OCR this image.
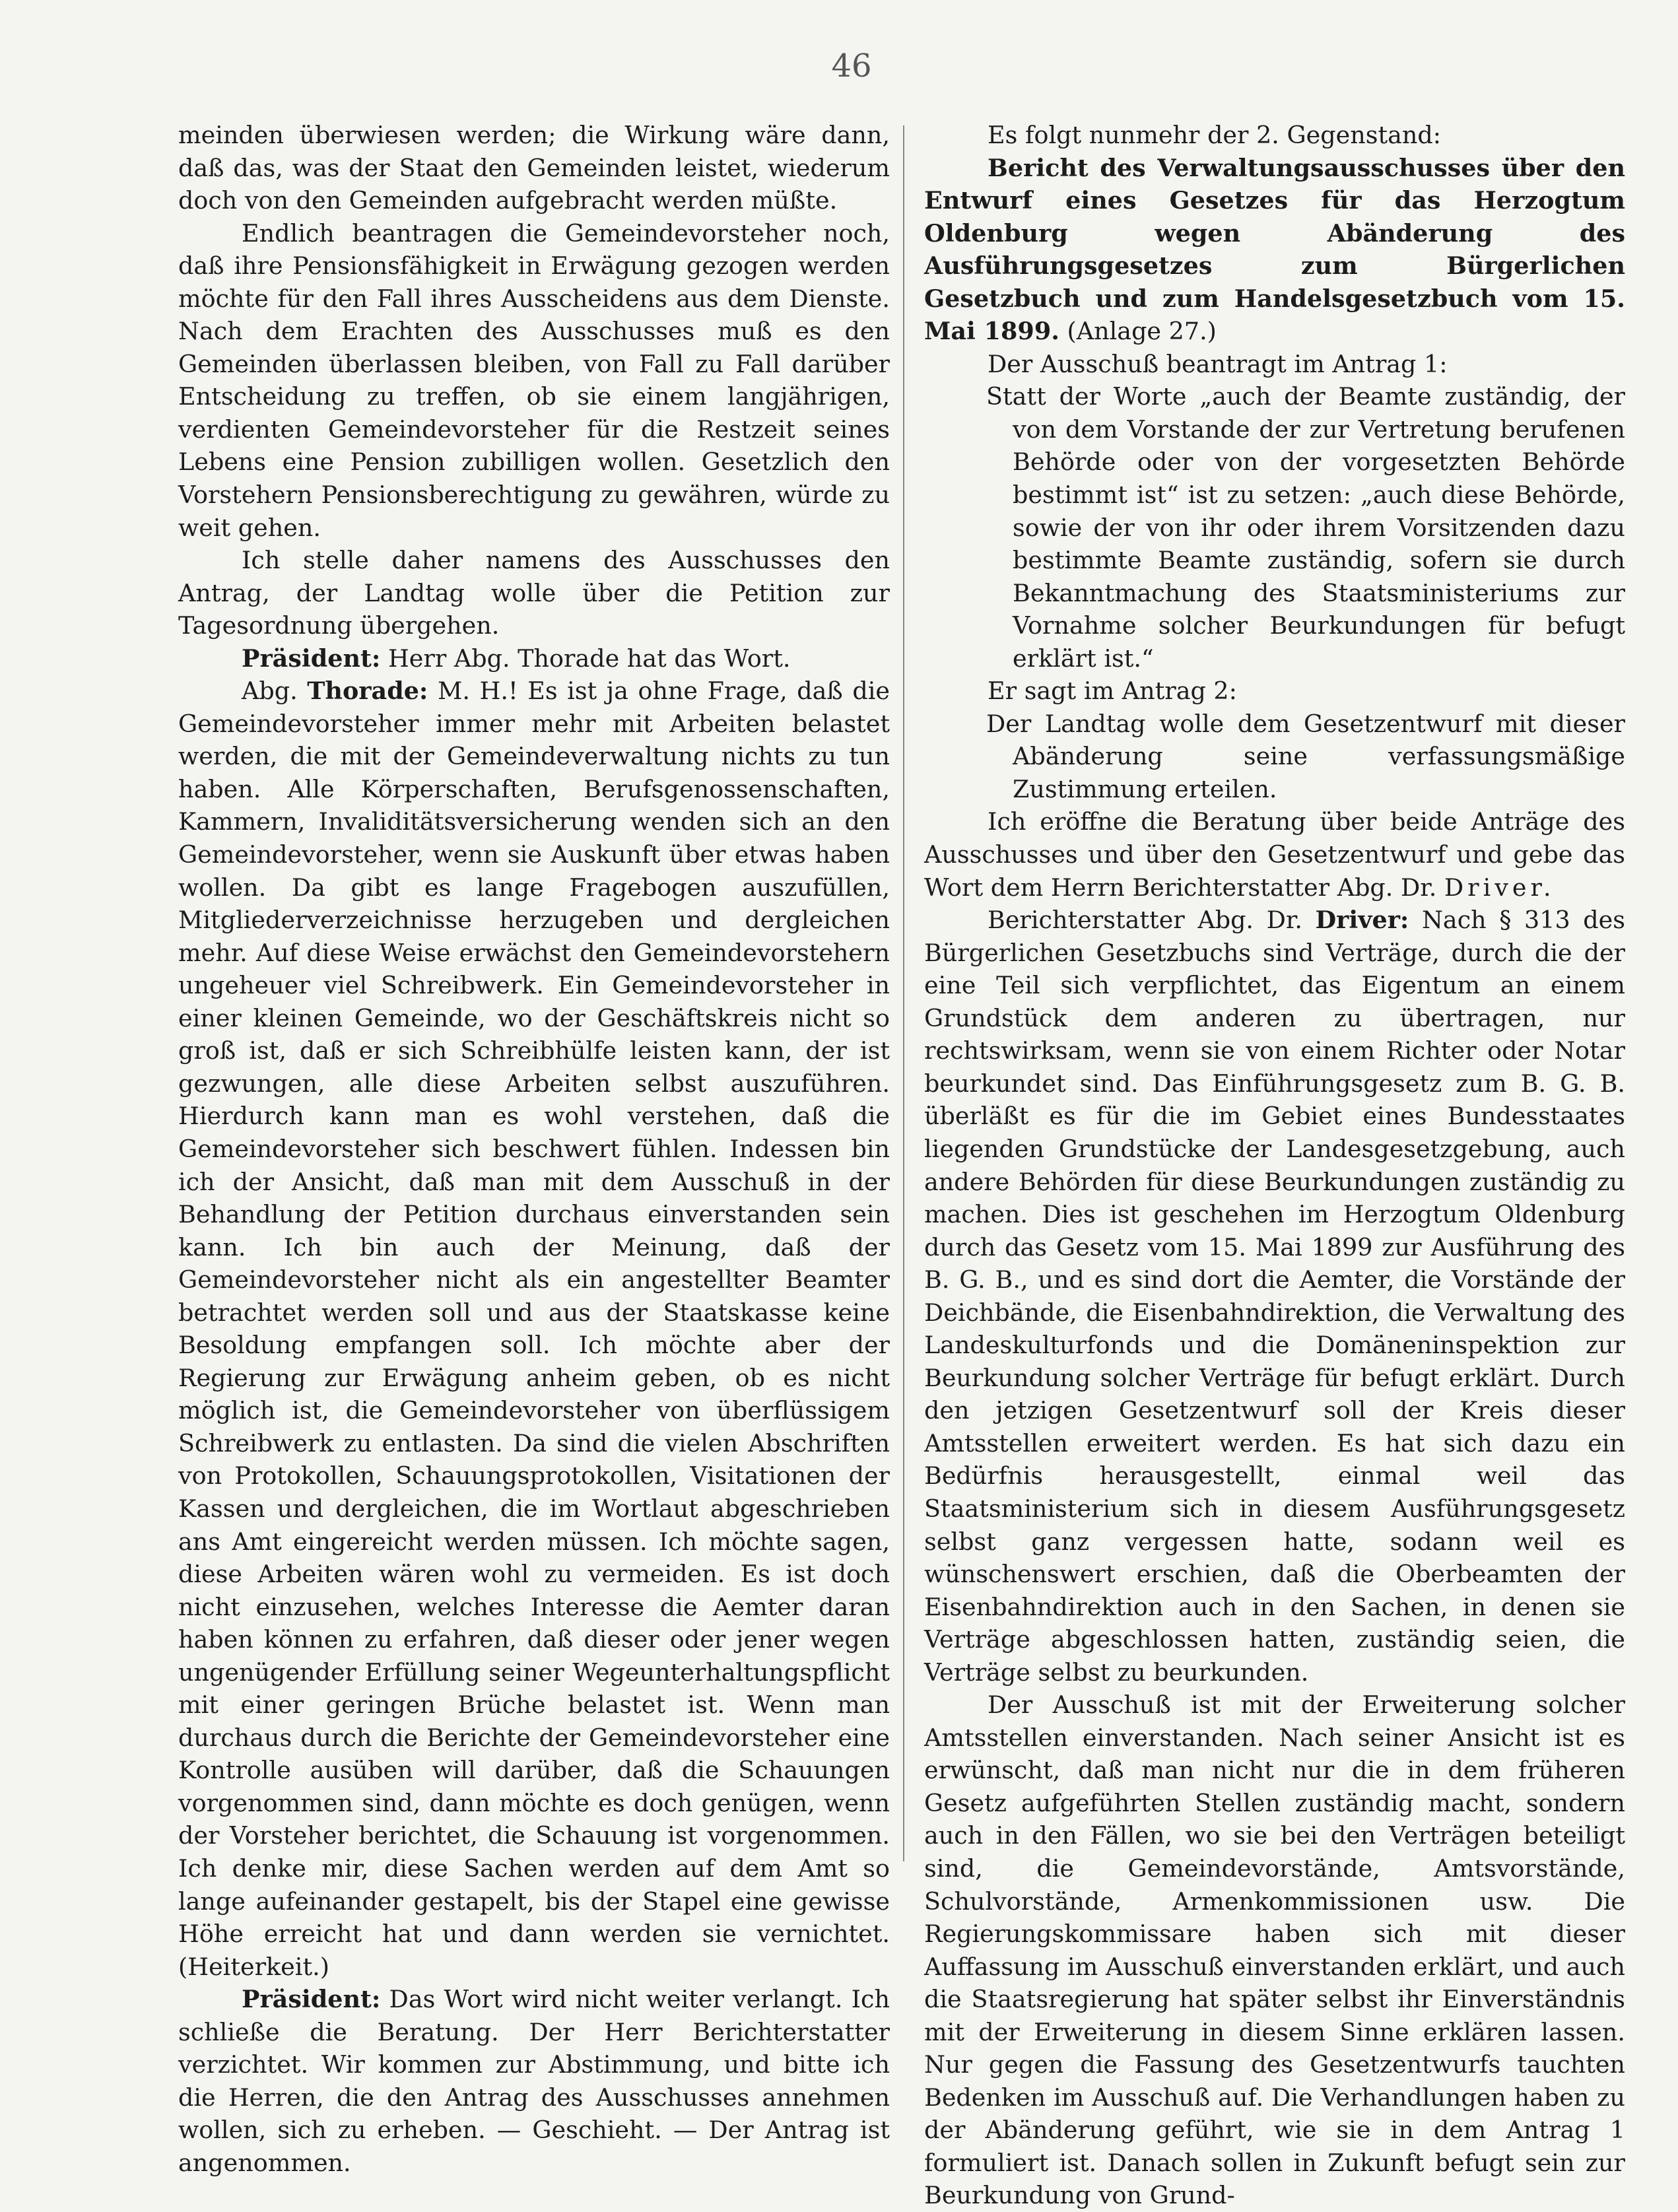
46

meinden überwiesen werden; die Wirkung wäre dann, daß das, was der Staat den Gemeinden leistet, wiederum doch von den Gemeinden aufgebracht werden müßte.

Endlich beantragen die Gemeindevorsteher noch, daß ihre Pensionsfähigkeit in Erwägung gezogen werden möchte für den Fall ihres Ausscheidens aus dem Dienste. Nach dem Erachten des Ausschusses muß es den Gemeinden überlassen bleiben, von Fall zu Fall darüber Entscheidung zu treffen, ob sie einem langjährigen, verdienten Gemeindevorsteher für die Restzeit seines Lebens eine Pension zubilligen wollen. Gesetzlich den Vorstehern Pensionsberechtigung zu gewähren, würde zu weit gehen.

Ich stelle daher namens des Ausschusses den Antrag, der Landtag wolle über die Petition zur Tagesordnung übergehen.

Präsident: Herr Abg. Thorade hat das Wort.

Abg. Thorade: M. H.! Es ist ja ohne Frage, daß die Gemeindevorsteher immer mehr mit Arbeiten belastet werden, die mit der Gemeindeverwaltung nichts zu tun haben. Alle Körperschaften, Berufsgenossenschaften, Kammern, Invaliditätsversicherung wenden sich an den Gemeindevorsteher, wenn sie Auskunft über etwas haben wollen. Da gibt es lange Fragebogen auszufüllen, Mitgliederverzeichnisse herzugeben und dergleichen mehr. Auf diese Weise erwächst den Gemeindevorstehern ungeheuer viel Schreibwerk. Ein Gemeindevorsteher in einer kleinen Gemeinde, wo der Geschäftskreis nicht so groß ist, daß er sich Schreibhülfe leisten kann, der ist gezwungen, alle diese Arbeiten selbst auszuführen. Hierdurch kann man es wohl verstehen, daß die Gemeindevorsteher sich beschwert fühlen. Indessen bin ich der Ansicht, daß man mit dem Ausschuß in der Behandlung der Petition durchaus einverstanden sein kann. Ich bin auch der Meinung, daß der Gemeindevorsteher nicht als ein angestellter Beamter betrachtet werden soll und aus der Staatskasse keine Besoldung empfangen soll. Ich möchte aber der Regierung zur Erwägung anheim geben, ob es nicht möglich ist, die Gemeindevorsteher von überflüssigem Schreibwerk zu entlasten. Da sind die vielen Abschriften von Protokollen, Schauungsprotokollen, Visitationen der Kassen und dergleichen, die im Wortlaut abgeschrieben ans Amt eingereicht werden müssen. Ich möchte sagen, diese Arbeiten wären wohl zu vermeiden. Es ist doch nicht einzusehen, welches Interesse die Aemter daran haben können zu erfahren, daß dieser oder jener wegen ungenügender Erfüllung seiner Wegeunterhaltungspflicht mit einer geringen Brüche belastet ist. Wenn man durchaus durch die Berichte der Gemeindevorsteher eine Kontrolle ausüben will darüber, daß die Schauungen vorgenommen sind, dann möchte es doch genügen, wenn der Vorsteher berichtet, die Schauung ist vorgenommen. Ich denke mir, diese Sachen werden auf dem Amt so lange aufeinander gestapelt, bis der Stapel eine gewisse Höhe erreicht hat und dann werden sie vernichtet. (Heiterkeit.)

Präsident: Das Wort wird nicht weiter verlangt. Ich schließe die Beratung. Der Herr Berichterstatter verzichtet. Wir kommen zur Abstimmung, und bitte ich die Herren, die den Antrag des Ausschusses annehmen wollen, sich zu erheben. — Geschieht. — Der Antrag ist angenommen.

Es folgt nunmehr der 2. Gegenstand:

Bericht des Verwaltungsausschusses über den Entwurf eines Gesetzes für das Herzogtum Oldenburg wegen Abänderung des Ausführungsgesetzes zum Bürgerlichen Gesetzbuch und zum Handelsgesetzbuch vom 15. Mai 1899. (Anlage 27.)

Der Ausschuß beantragt im Antrag 1:

Statt der Worte „auch der Beamte zuständig, der von dem Vorstande der zur Vertretung berufenen Behörde oder von der vorgesetzten Behörde bestimmt ist“ ist zu setzen: „auch diese Behörde, sowie der von ihr oder ihrem Vorsitzenden dazu bestimmte Beamte zuständig, sofern sie durch Bekanntmachung des Staatsministeriums zur Vornahme solcher Beurkundungen für befugt erklärt ist.“

Er sagt im Antrag 2:

Der Landtag wolle dem Gesetzentwurf mit dieser Abänderung seine verfassungsmäßige Zustimmung erteilen.

Ich eröffne die Beratung über beide Anträge des Ausschusses und über den Gesetzentwurf und gebe das Wort dem Herrn Berichterstatter Abg. Dr. Driver.

Berichterstatter Abg. Dr. Driver: Nach § 313 des Bürgerlichen Gesetzbuchs sind Verträge, durch die der eine Teil sich verpflichtet, das Eigentum an einem Grundstück dem anderen zu übertragen, nur rechtswirksam, wenn sie von einem Richter oder Notar beurkundet sind. Das Einführungsgesetz zum B. G. B. überläßt es für die im Gebiet eines Bundesstaates liegenden Grundstücke der Landesgesetzgebung, auch andere Behörden für diese Beurkundungen zuständig zu machen. Dies ist geschehen im Herzogtum Oldenburg durch das Gesetz vom 15. Mai 1899 zur Ausführung des B. G. B., und es sind dort die Aemter, die Vorstände der Deichbände, die Eisenbahndirektion, die Verwaltung des Landeskulturfonds und die Domäneninspektion zur Beurkundung solcher Verträge für befugt erklärt. Durch den jetzigen Gesetzentwurf soll der Kreis dieser Amtsstellen erweitert werden. Es hat sich dazu ein Bedürfnis herausgestellt, einmal weil das Staatsministerium sich in diesem Ausführungsgesetz selbst ganz vergessen hatte, sodann weil es wünschenswert erschien, daß die Oberbeamten der Eisenbahndirektion auch in den Sachen, in denen sie Verträge abgeschlossen hatten, zuständig seien, die Verträge selbst zu beurkunden.

Der Ausschuß ist mit der Erweiterung solcher Amtsstellen einverstanden. Nach seiner Ansicht ist es erwünscht, daß man nicht nur die in dem früheren Gesetz aufgeführten Stellen zuständig macht, sondern auch in den Fällen, wo sie bei den Verträgen beteiligt sind, die Gemeindevorstände, Amtsvorstände, Schulvorstände, Armenkommissionen usw. Die Regierungskommissare haben sich mit dieser Auffassung im Ausschuß einverstanden erklärt, und auch die Staatsregierung hat später selbst ihr Einverständnis mit der Erweiterung in diesem Sinne erklären lassen. Nur gegen die Fassung des Gesetzentwurfs tauchten Bedenken im Ausschuß auf. Die Verhandlungen haben zu der Abänderung geführt, wie sie in dem Antrag 1 formuliert ist. Danach sollen in Zukunft befugt sein zur Beurkundung von Grund-
